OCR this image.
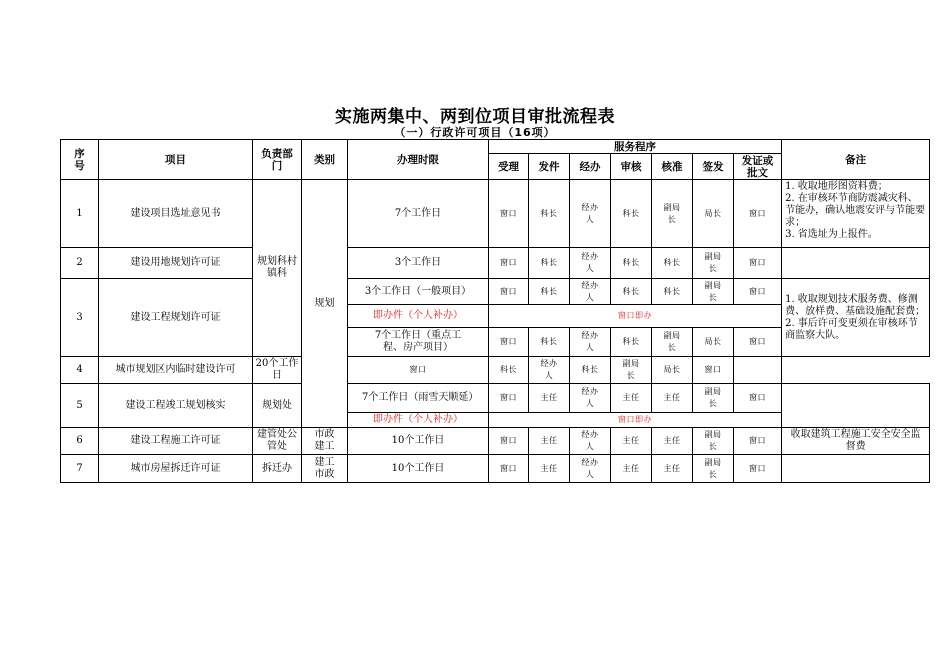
实施两集中、两到位项目审批流程表
（一）行政许可项目（16项）
序号	项目	负责部门	类别	办理时限	服务程序							备注
					受理	发件	经办	审核	核准	签发	发证或批文	
1	建设项目选址意见书	规划科村镇科	规划	7个工作日	窗口	科长	经办人	科长	副局长	局长	窗口	1. 收取地形图资料费；
2. 在审核环节商防震减灾科、节能办，确认地震安评与节能要求；
3. 省选址为上报件。

2	建设用地规划许可证			3个工作日	窗口	科长	经办人	科长	科长	副局长	窗口	
3	建设工程规划许可证			3个工作日（一般项目）	窗口	科长	经办人	科长	科长	副局长	窗口	1. 收取规划技术服务费、修测费、放样费、基础设施配套费；
2. 事后许可变更须在审核环节商监察大队。

				即办件（个人补办）	窗口即办							
				7个工作日（重点工程、房产项目）	窗口	科长	经办人	科长	副局长	局长	窗口	
4	城市规划区内临时建设许可	20个工作日		窗口	科长	经办人	科长	副局长	局长	窗口		
5	建设工程竣工规划核实	规划处		7个工作日（雨雪天顺延）	窗口	主任	经办人	主任	主任	副局长	窗口	
				即办件（个人补办）	窗口即办							
6	建设工程施工许可证	建管处公管处	市政建工	10个工作日	窗口	主任	经办人	主任	主任	副局长	窗口	收取建筑工程施工安全安全监督费
7	城市房屋拆迁许可证	拆迁办	建工市政	10个工作日	窗口	主任	经办人	主任	主任	副局长	窗口	
